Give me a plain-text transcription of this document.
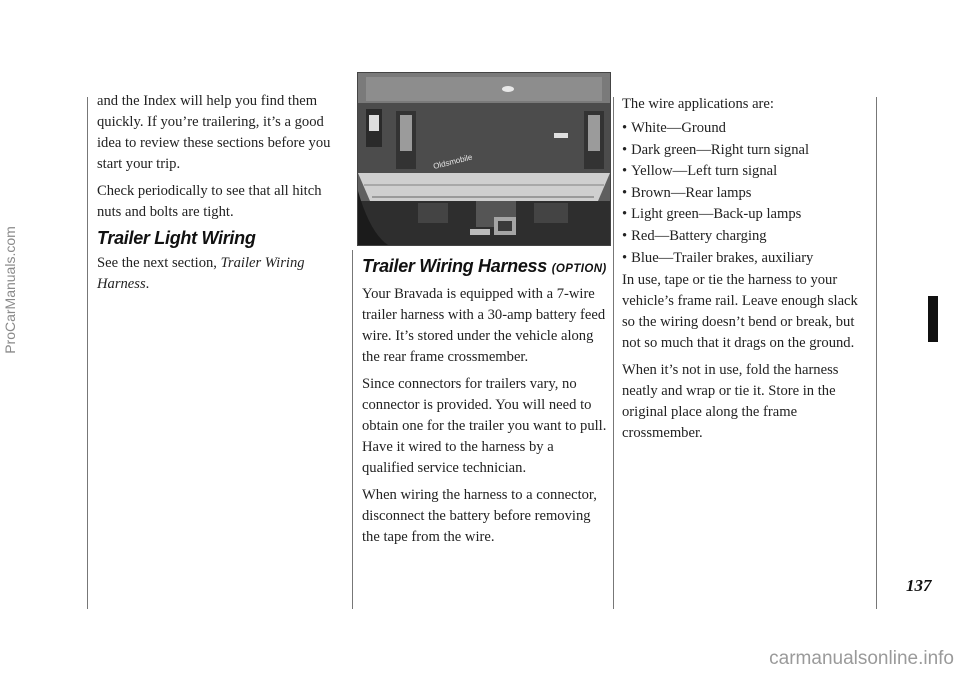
and the Index will help you find them quickly. If you’re trailering, it’s a good idea to review these sections before you start your trip.

Check periodically to see that all hitch nuts and bolts are tight.

Trailer Light Wiring

See the next section, Trailer Wiring Harness.

Oldsmobile
Trailer Wiring Harness (OPTION)

Your Bravada is equipped with a 7-wire trailer harness with a 30-amp battery feed wire. It’s stored under the vehicle along the rear frame crossmember.

Since connectors for trailers vary, no connector is provided. You will need to obtain one for the trailer you want to pull. Have it wired to the harness by a qualified service technician.

When wiring the harness to a connector, disconnect the battery before removing the tape from the wire.

The wire applications are:

• White—Ground
• Dark green—Right turn signal
• Yellow—Left turn signal
• Brown—Rear lamps
• Light green—Back-up lamps
• Red—Battery charging
• Blue—Trailer brakes, auxiliary

In use, tape or tie the harness to your vehicle’s frame rail. Leave enough slack so the wiring doesn’t bend or break, but not so much that it drags on the ground.

When it’s not in use, fold the harness neatly and wrap or tie it. Store in the original place along the frame crossmember.

137
ProCarManuals.com
carmanualsonline.info
